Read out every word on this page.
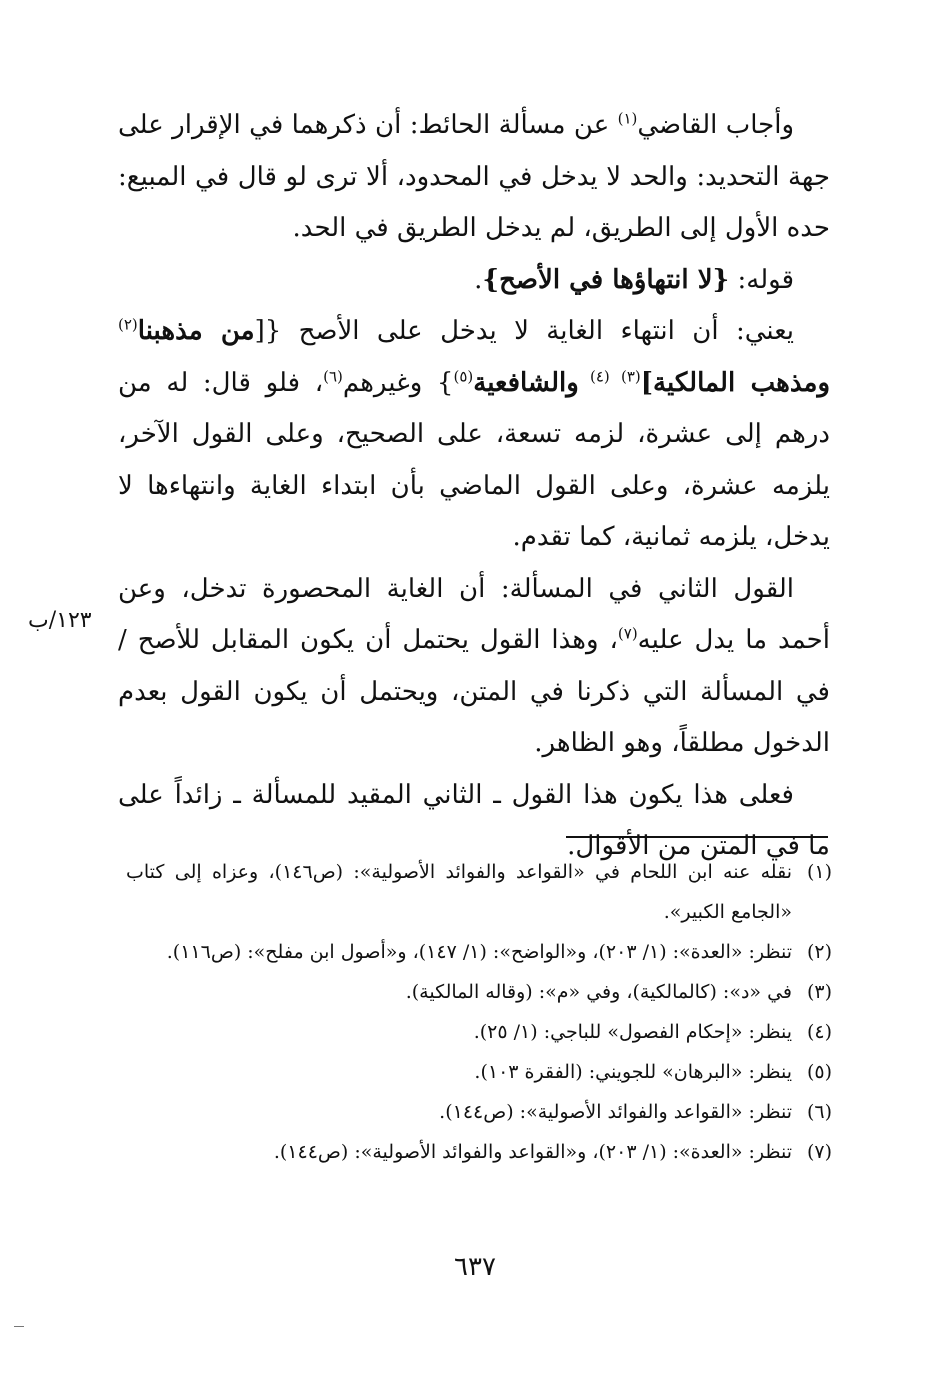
وأجاب القاضي$^{(١)}$ عن مسألة الحائط: أن ذكرهما في الإقرار على جهة التحديد: والحد لا يدخل في المحدود، ألا ترى لو قال في المبيع: حده الأول إلى الطريق، لم يدخل الطريق في الحد.

قوله: {لا انتهاؤها في الأصح}.

يعني: أن انتهاء الغاية لا يدخل على الأصح {[من مذهبنا$^{(٢)}$ ومذهب المالكية]$^{(٣)}$ $^{(٤)}$ والشافعية$^{(٥)}$} وغيرهم$^{(٦)}$، فلو قال: له من درهم إلى عشرة، لزمه تسعة، على الصحيح، وعلى القول الآخر، يلزمه عشرة، وعلى القول الماضي بأن ابتداء الغاية وانتهاءها لا يدخل، يلزمه ثمانية، كما تقدم.

القول الثاني في المسألة: أن الغاية المحصورة تدخل، وعن أحمد ما يدل عليه$^{(٧)}$، وهذا القول يحتمل أن يكون المقابل للأصح / في المسألة التي ذكرنا في المتن، ويحتمل أن يكون القول بعدم الدخول مطلقاً، وهو الظاهر.

فعلى هذا يكون هذا القول ـ الثاني المقيد للمسألة ـ زائداً على ما في المتن من الأقوال.

١٢٣/ب
(١)
نقله عنه ابن اللحام في «القواعد والفوائد الأصولية»: (ص١٤٦)، وعزاه إلى كتاب «الجامع الكبير».
(٢)
تنظر: «العدة»: (١/ ٢٠٣)، و«الواضح»: (١/ ١٤٧)، و«أصول ابن مفلح»: (ص١١٦).
(٣)
في «د»: (كالمالكية)، وفي «م»: (وقاله المالكية).
(٤)
ينظر: «إحكام الفصول» للباجي: (١/ ٢٥).
(٥)
ينظر: «البرهان» للجويني: (الفقرة ١٠٣).
(٦)
تنظر: «القواعد والفوائد الأصولية»: (ص١٤٤).
(٧)
تنظر: «العدة»: (١/ ٢٠٣)، و«القواعد والفوائد الأصولية»: (ص١٤٤).
٦٣٧
